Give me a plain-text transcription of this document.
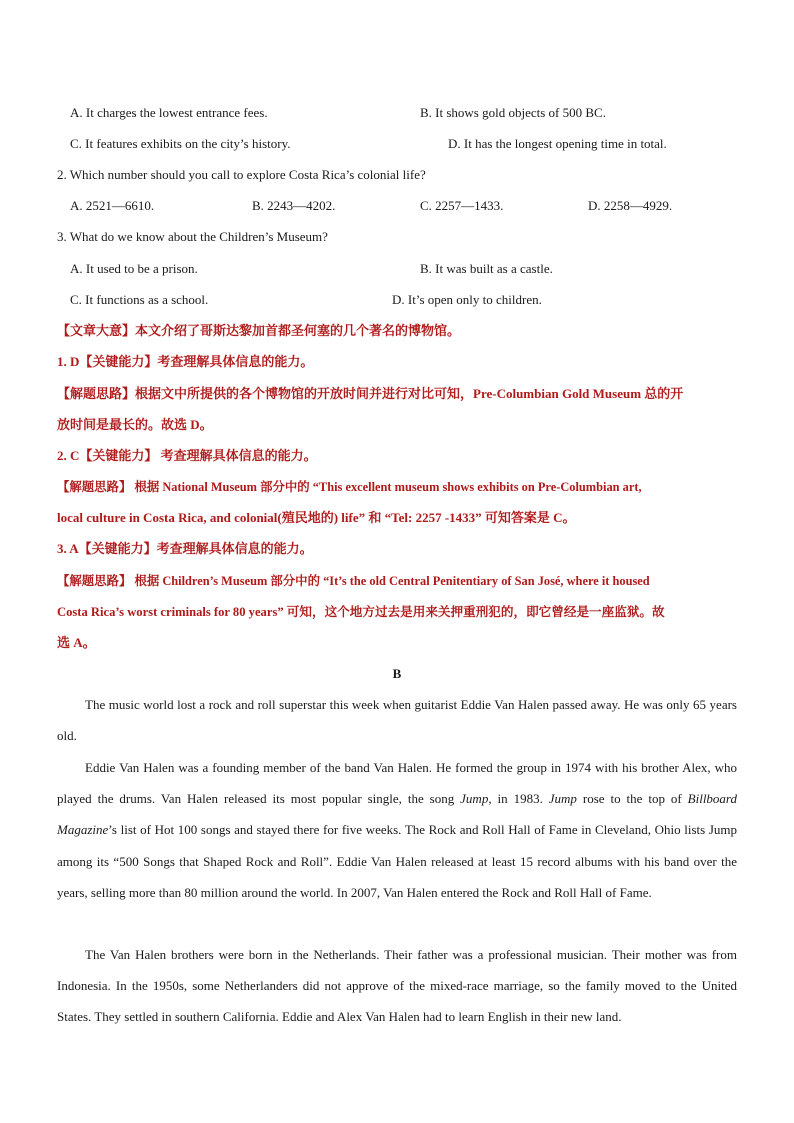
A. It charges the lowest entrance fees.	B. It shows gold objects of 500 BC.
C. It features exhibits on the city’s history.	D. It has the longest opening time in total.
2. Which number should you call to explore Costa Rica’s colonial life?
A. 2521—6610.	B. 2243—4202.	C. 2257—1433.	D. 2258—4929.
3. What do we know about the Children’s Museum?
A. It used to be a prison.	B. It was built as a castle.
C. It functions as a school.	D. It’s open only to children.
【文章大意】本文介绍了哥斯达黎加首都圣何塞的几个著名的博物馆。
1. D【关键能力】考查理解具体信息的能力。
【解题思路】根据文中所提供的各个博物馆的开放时间并进行对比可知，Pre-Columbian Gold Museum 总的开
放时间是最长的。故选 D。
2. C【关键能力】 考查理解具体信息的能力。
【解题思路】 根据 National Museum 部分中的 “This excellent museum shows exhibits on Pre-Columbian art,
local culture in Costa Rica, and colonial(殖民地的) life” 和 “Tel: 2257 -1433” 可知答案是 C。
3. A【关键能力】考查理解具体信息的能力。
【解题思路】 根据 Children’s Museum 部分中的 “It’s the old Central Penitentiary of San José, where it housed
Costa Rica’s worst criminals for 80 years” 可知，这个地方过去是用来关押重刑犯的，即它曾经是一座监狱。故
选 A。
B
The music world lost a rock and roll superstar this week when guitarist Eddie Van Halen passed away. He was only 65 years old.
Eddie Van Halen was a founding member of the band Van Halen. He formed the group in 1974 with his brother Alex, who played the drums. Van Halen released its most popular single, the song Jump, in 1983. Jump rose to the top of Billboard Magazine’s list of Hot 100 songs and stayed there for five weeks. The Rock and Roll Hall of Fame in Cleveland, Ohio lists Jump among its “500 Songs that Shaped Rock and Roll”. Eddie Van Halen released at least 15 record albums with his band over the years, selling more than 80 million around the world. In 2007, Van Halen entered the Rock and Roll Hall of Fame.
The Van Halen brothers were born in the Netherlands. Their father was a professional musician. Their mother was from Indonesia. In the 1950s, some Netherlanders did not approve of the mixed-race marriage, so the family moved to the United States. They settled in southern California. Eddie and Alex Van Halen had to learn English in their new land.
